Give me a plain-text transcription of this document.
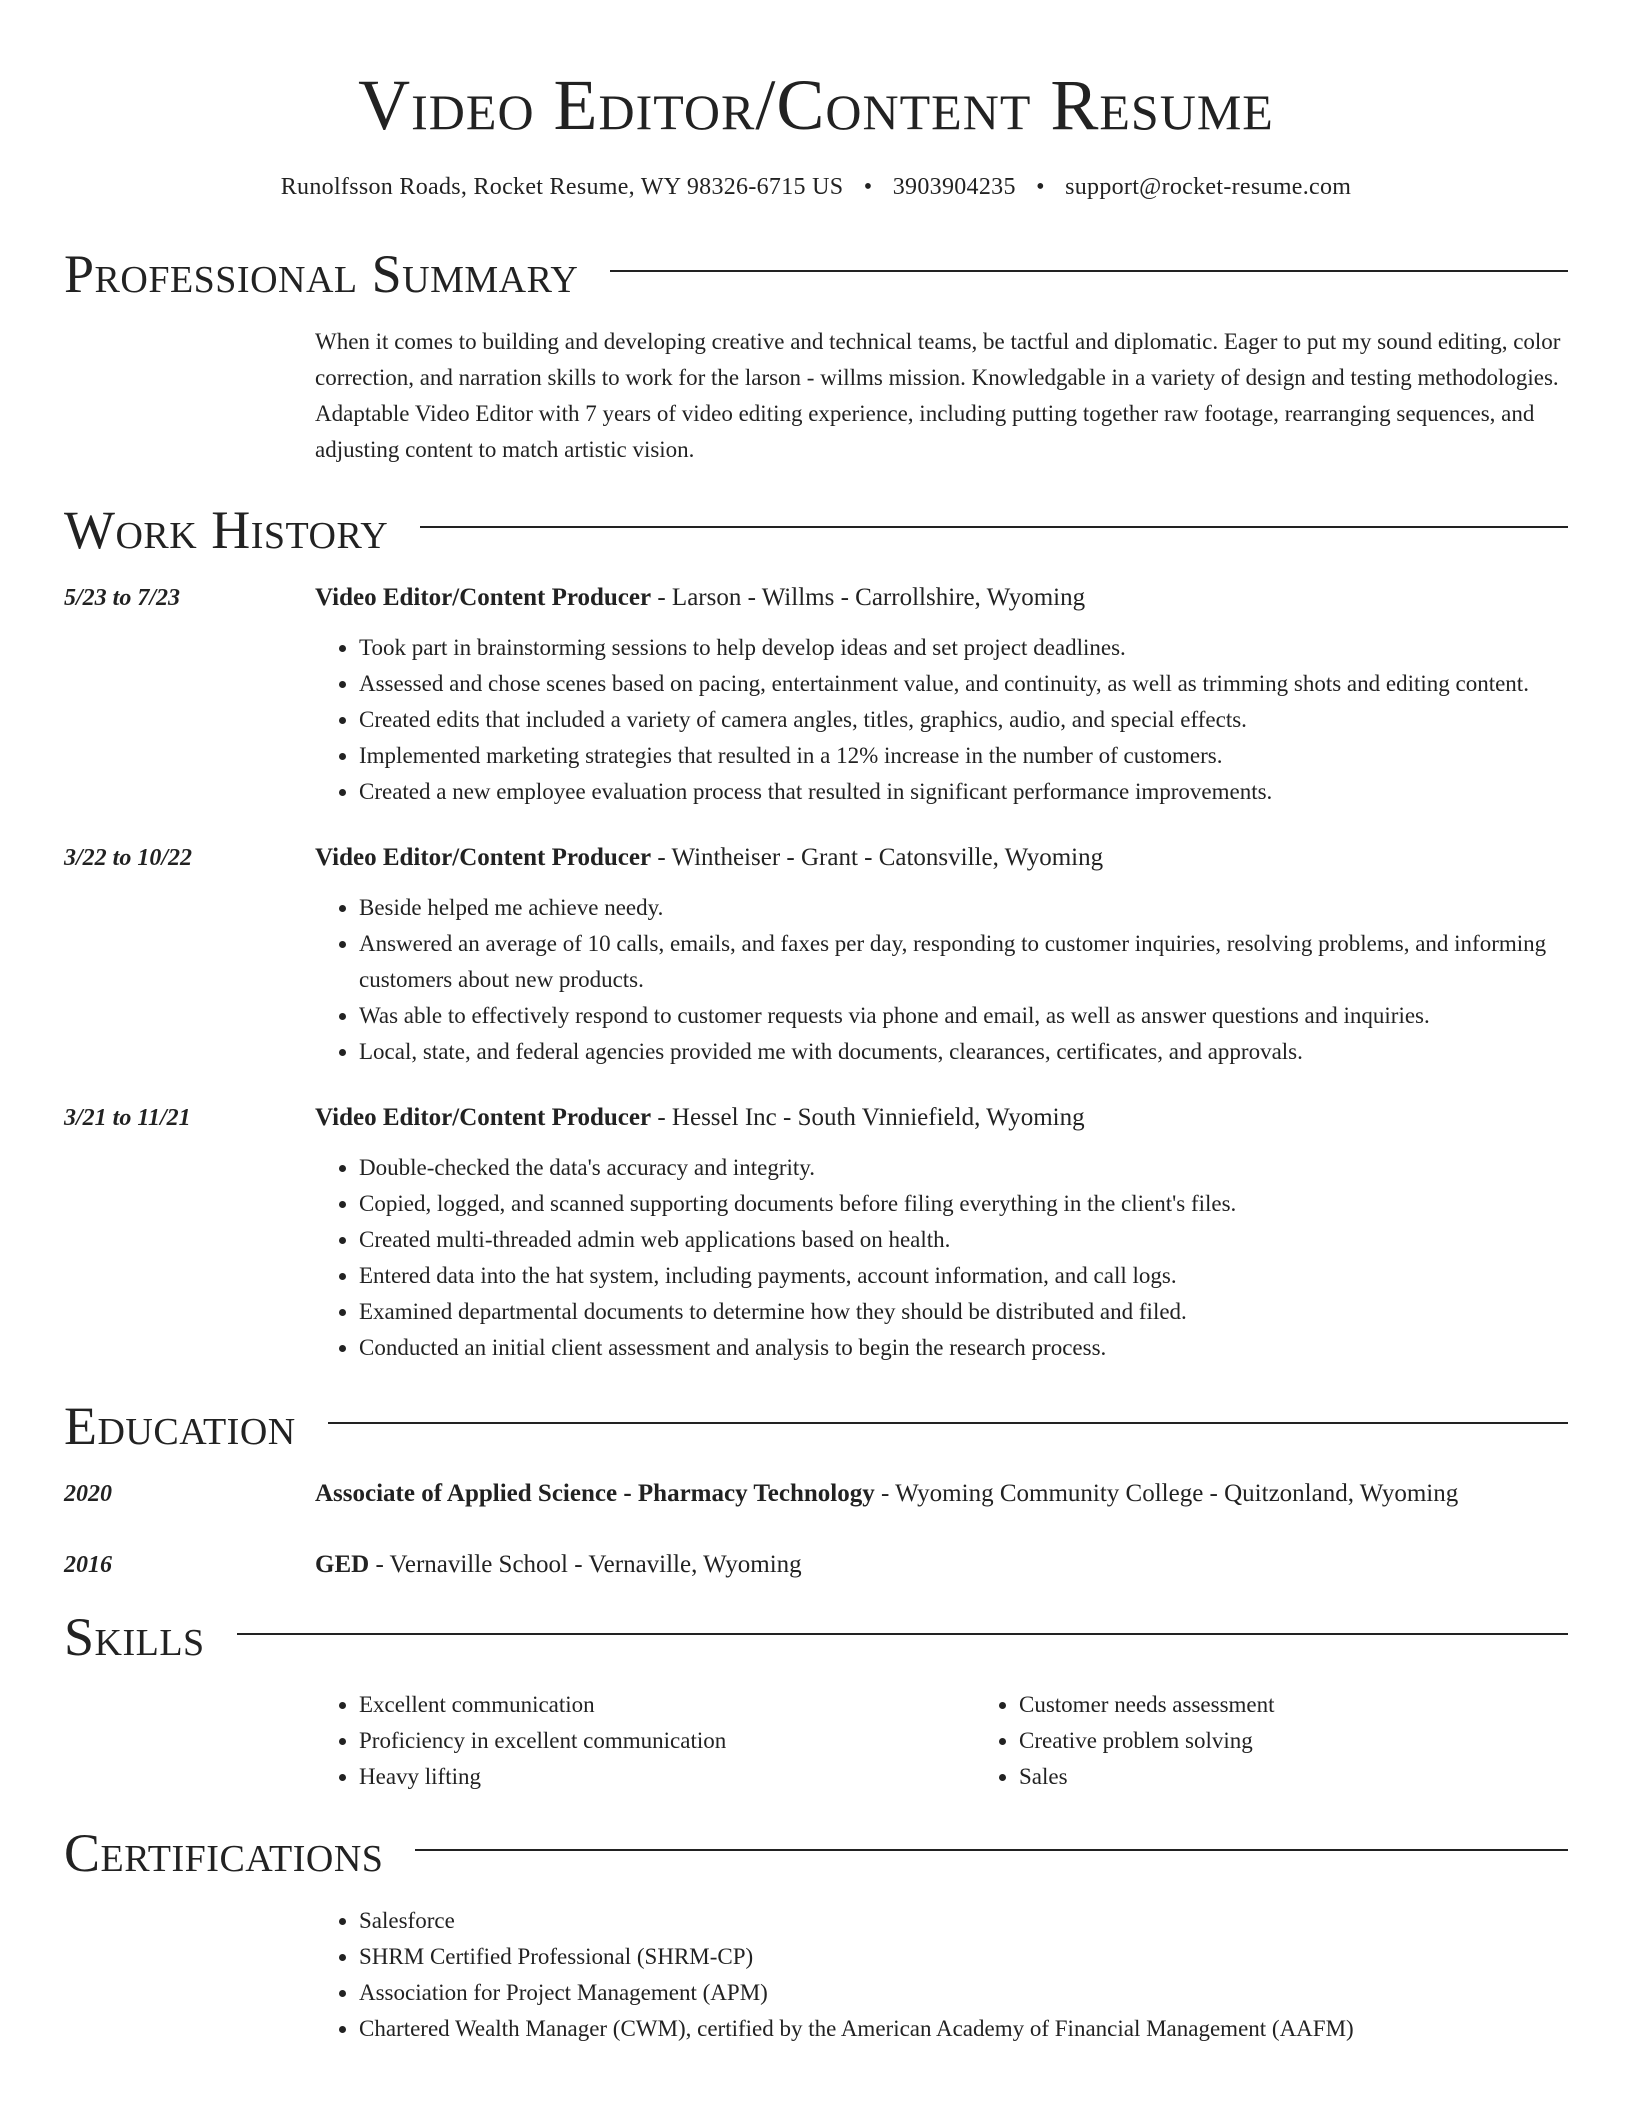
Video Editor/Content Resume
Runolfsson Roads, Rocket Resume, WY 98326-6715 US • 3903904235 • support@rocket-resume.com
Professional Summary
When it comes to building and developing creative and technical teams, be tactful and diplomatic. Eager to put my sound editing, color correction, and narration skills to work for the larson - willms mission. Knowledgable in a variety of design and testing methodologies. Adaptable Video Editor with 7 years of video editing experience, including putting together raw footage, rearranging sequences, and adjusting content to match artistic vision.
Work History
5/23 to 7/23	Video Editor/Content Producer - Larson - Willms - Carrollshire, Wyoming
• Took part in brainstorming sessions to help develop ideas and set project deadlines.
• Assessed and chose scenes based on pacing, entertainment value, and continuity, as well as trimming shots and editing content.
• Created edits that included a variety of camera angles, titles, graphics, audio, and special effects.
• Implemented marketing strategies that resulted in a 12% increase in the number of customers.
• Created a new employee evaluation process that resulted in significant performance improvements.
3/22 to 10/22	Video Editor/Content Producer - Wintheiser - Grant - Catonsville, Wyoming
• Beside helped me achieve needy.
• Answered an average of 10 calls, emails, and faxes per day, responding to customer inquiries, resolving problems, and informing customers about new products.
• Was able to effectively respond to customer requests via phone and email, as well as answer questions and inquiries.
• Local, state, and federal agencies provided me with documents, clearances, certificates, and approvals.
3/21 to 11/21	Video Editor/Content Producer - Hessel Inc - South Vinniefield, Wyoming
• Double-checked the data's accuracy and integrity.
• Copied, logged, and scanned supporting documents before filing everything in the client's files.
• Created multi-threaded admin web applications based on health.
• Entered data into the hat system, including payments, account information, and call logs.
• Examined departmental documents to determine how they should be distributed and filed.
• Conducted an initial client assessment and analysis to begin the research process.
Education
2020	Associate of Applied Science - Pharmacy Technology - Wyoming Community College - Quitzonland, Wyoming
2016	GED - Vernaville School - Vernaville, Wyoming
Skills
• Excellent communication
• Proficiency in excellent communication
• Heavy lifting
• Customer needs assessment
• Creative problem solving
• Sales
Certifications
• Salesforce
• SHRM Certified Professional (SHRM-CP)
• Association for Project Management (APM)
• Chartered Wealth Manager (CWM), certified by the American Academy of Financial Management (AAFM)
